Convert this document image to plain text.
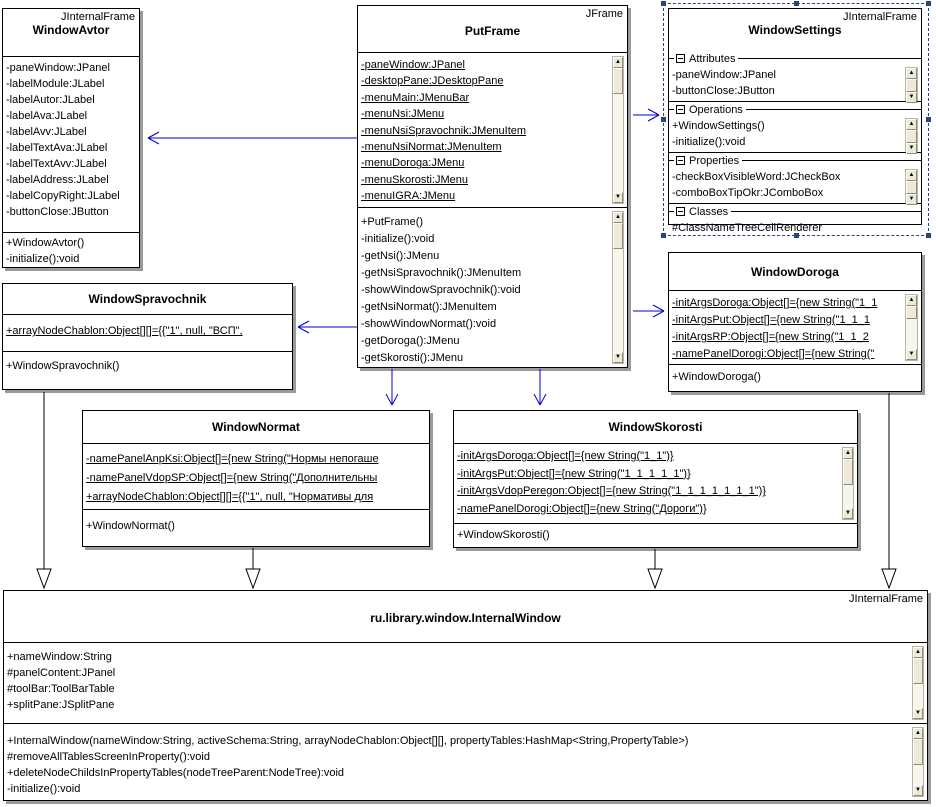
JInternalFrame
WindowAvtor
-paneWindow:JPanel
-labelModule:JLabel
-labelAutor:JLabel
-labelAva:JLabel
-labelAvv:JLabel
-labelTextAva:JLabel
-labelTextAvv:JLabel
-labelAddress:JLabel
-labelCopyRight:JLabel
-buttonClose:JButton
+WindowAvtor()
-initialize():void
JFrame
PutFrame
-paneWindow:JPanel
-desktopPane:JDesktopPane
-menuMain:JMenuBar
-menuNsi:JMenu
-menuNsiSpravochnik:JMenuItem
-menuNsiNormat:JMenuItem
-menuDoroga:JMenu
-menuSkorosti:JMenu
-menuIGRA:JMenu
▲
▼
+PutFrame()
-initialize():void
-getNsi():JMenu
-getNsiSpravochnik():JMenuItem
-showWindowSpravochnik():void
-getNsiNormat():JMenuItem
-showWindowNormat():void
-getDoroga():JMenu
-getSkorosti():JMenu
▲
▼
JInternalFrame
WindowSettings
Attributes
-paneWindow:JPanel
-buttonClose:JButton
▲
▼
Operations
+WindowSettings()
-initialize():void
▲
▼
Properties
-checkBoxVisibleWord:JCheckBox
-comboBoxTipOkr:JComboBox
▲
▼
Classes
#ClassNameTreeCellRenderer
WindowSpravochnik
+arrayNodeChablon:Object[][]={{"1", null, "ВСП",
+WindowSpravochnik()
WindowDoroga
-initArgsDoroga:Object[]={new String("1_1
-initArgsPut:Object[]={new String("1_1_1
-initArgsRP:Object[]={new String("1_1_2
-namePanelDorogi:Object[]={new String("
▲
▼
+WindowDoroga()
WindowNormat
-namePanelAnpKsi:Object[]={new String("Нормы непогаше
-namePanelVdopSP:Object[]={new String("Дополнительны
+arrayNodeChablon:Object[][]={{"1", null, "Нормативы для
+WindowNormat()
WindowSkorosti
-initArgsDoroga:Object[]={new String("1_1")}
-initArgsPut:Object[]={new String("1_1_1_1_1")}
-initArgsVdopPeregon:Object[]={new String("1_1_1_1_1_1_1")}
-namePanelDorogi:Object[]={new String("Дороги")}
▲
▼
+WindowSkorosti()
JInternalFrame
ru.library.window.InternalWindow
+nameWindow:String
#panelContent:JPanel
#toolBar:ToolBarTable
+splitPane:JSplitPane
▲
▼
+InternalWindow(nameWindow:String, activeSchema:String, arrayNodeChablon:Object[][], propertyTables:HashMap<String,PropertyTable>)
#removeAllTablesScreenInProperty():void
+deleteNodeChildsInPropertyTables(nodeTreeParent:NodeTree):void
-initialize():void
▲
▼
